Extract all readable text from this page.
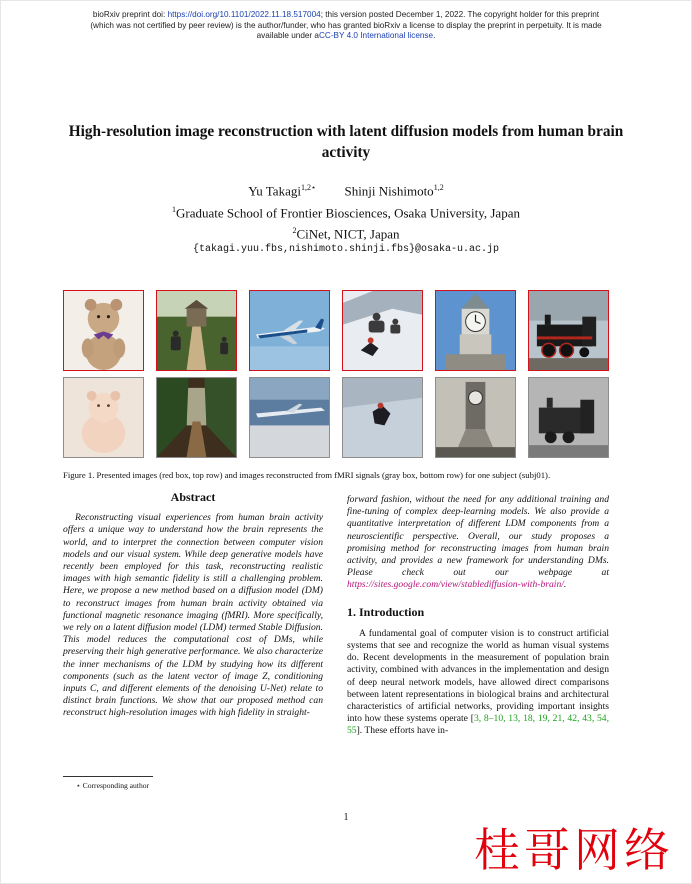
bioRxiv preprint doi: https://doi.org/10.1101/2022.11.18.517004; this version posted December 1, 2022. The copyright holder for this preprint
(which was not certified by peer review) is the author/funder, who has granted bioRxiv a license to display the preprint in perpetuity. It is made
available under aCC-BY 4.0 International license.
High-resolution image reconstruction with latent diffusion models from human brain activity
Yu Takagi$^{1,2⋆}$ Shinji Nishimoto$^{1,2}$
$^1$Graduate School of Frontier Biosciences, Osaka University, Japan
$^2$CiNet, NICT, Japan
{takagi.yuu.fbs,nishimoto.shinji.fbs}@osaka-u.ac.jp
Figure 1. Presented images (red box, top row) and images reconstructed from fMRI signals (gray box, bottom row) for one subject (subj01).
Abstract

Reconstructing visual experiences from human brain activity offers a unique way to understand how the brain represents the world, and to interpret the connection between computer vision models and our visual system. While deep generative models have recently been employed for this task, reconstructing realistic images with high semantic fidelity is still a challenging problem. Here, we propose a new method based on a diffusion model (DM) to reconstruct images from human brain activity obtained via functional magnetic resonance imaging (fMRI). More specifically, we rely on a latent diffusion model (LDM) termed Stable Diffusion. This model reduces the computational cost of DMs, while preserving their high generative performance. We also characterize the inner mechanisms of the LDM by studying how its different components (such as the latent vector of image Z, conditioning inputs C, and different elements of the denoising U-Net) relate to distinct brain functions. We show that our proposed method can reconstruct high-resolution images with high fidelity in straight-

forward fashion, without the need for any additional training and fine-tuning of complex deep-learning models. We also provide a quantitative interpretation of different LDM components from a neuroscientific perspective. Overall, our study proposes a promising method for reconstructing images from human brain activity, and provides a new framework for understanding DMs. Please check out our webpage at https://sites.google.com/view/stablediffusion-with-brain/.

1. Introduction

A fundamental goal of computer vision is to construct artificial systems that see and recognize the world as human visual systems do. Recent developments in the measurement of population brain activity, combined with advances in the implementation and design of deep neural network models, have allowed direct comparisons between latent representations in biological brains and architectural characteristics of artificial networks, providing important insights into how these systems operate [3, 8–10, 13, 18, 19, 21, 42, 43, 54, 55]. These efforts have in-

⋆ Corresponding author
1
桂哥网络
